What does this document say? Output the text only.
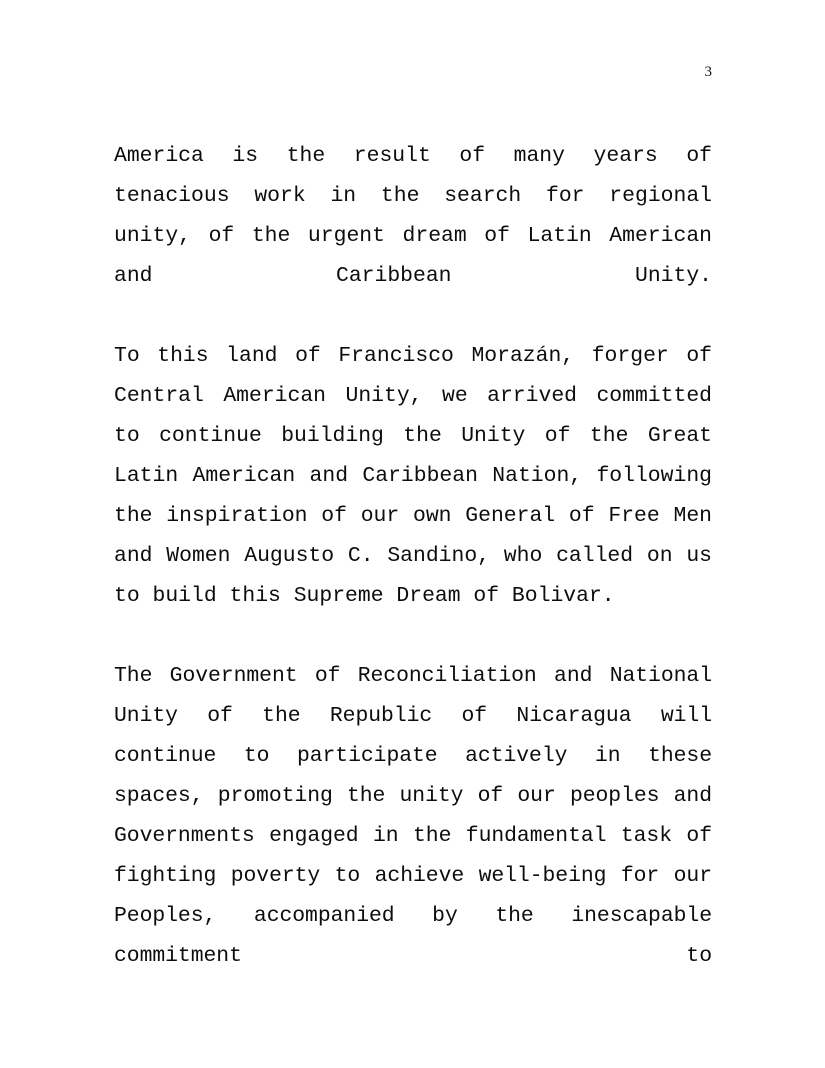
3

America is the result of many years of tenacious work in the search for regional unity, of the urgent dream of Latin American and Caribbean Unity.

To this land of Francisco Morazán, forger of Central American Unity, we arrived committed to continue building the Unity of the Great Latin American and Caribbean Nation, following the inspiration of our own General of Free Men and Women Augusto C. Sandino, who called on us to build this Supreme Dream of Bolivar.

The Government of Reconciliation and National Unity of the Republic of Nicaragua will continue to participate actively in these spaces, promoting the unity of our peoples and Governments engaged in the fundamental task of fighting poverty to achieve well-being for our Peoples, accompanied by the inescapable commitment to
